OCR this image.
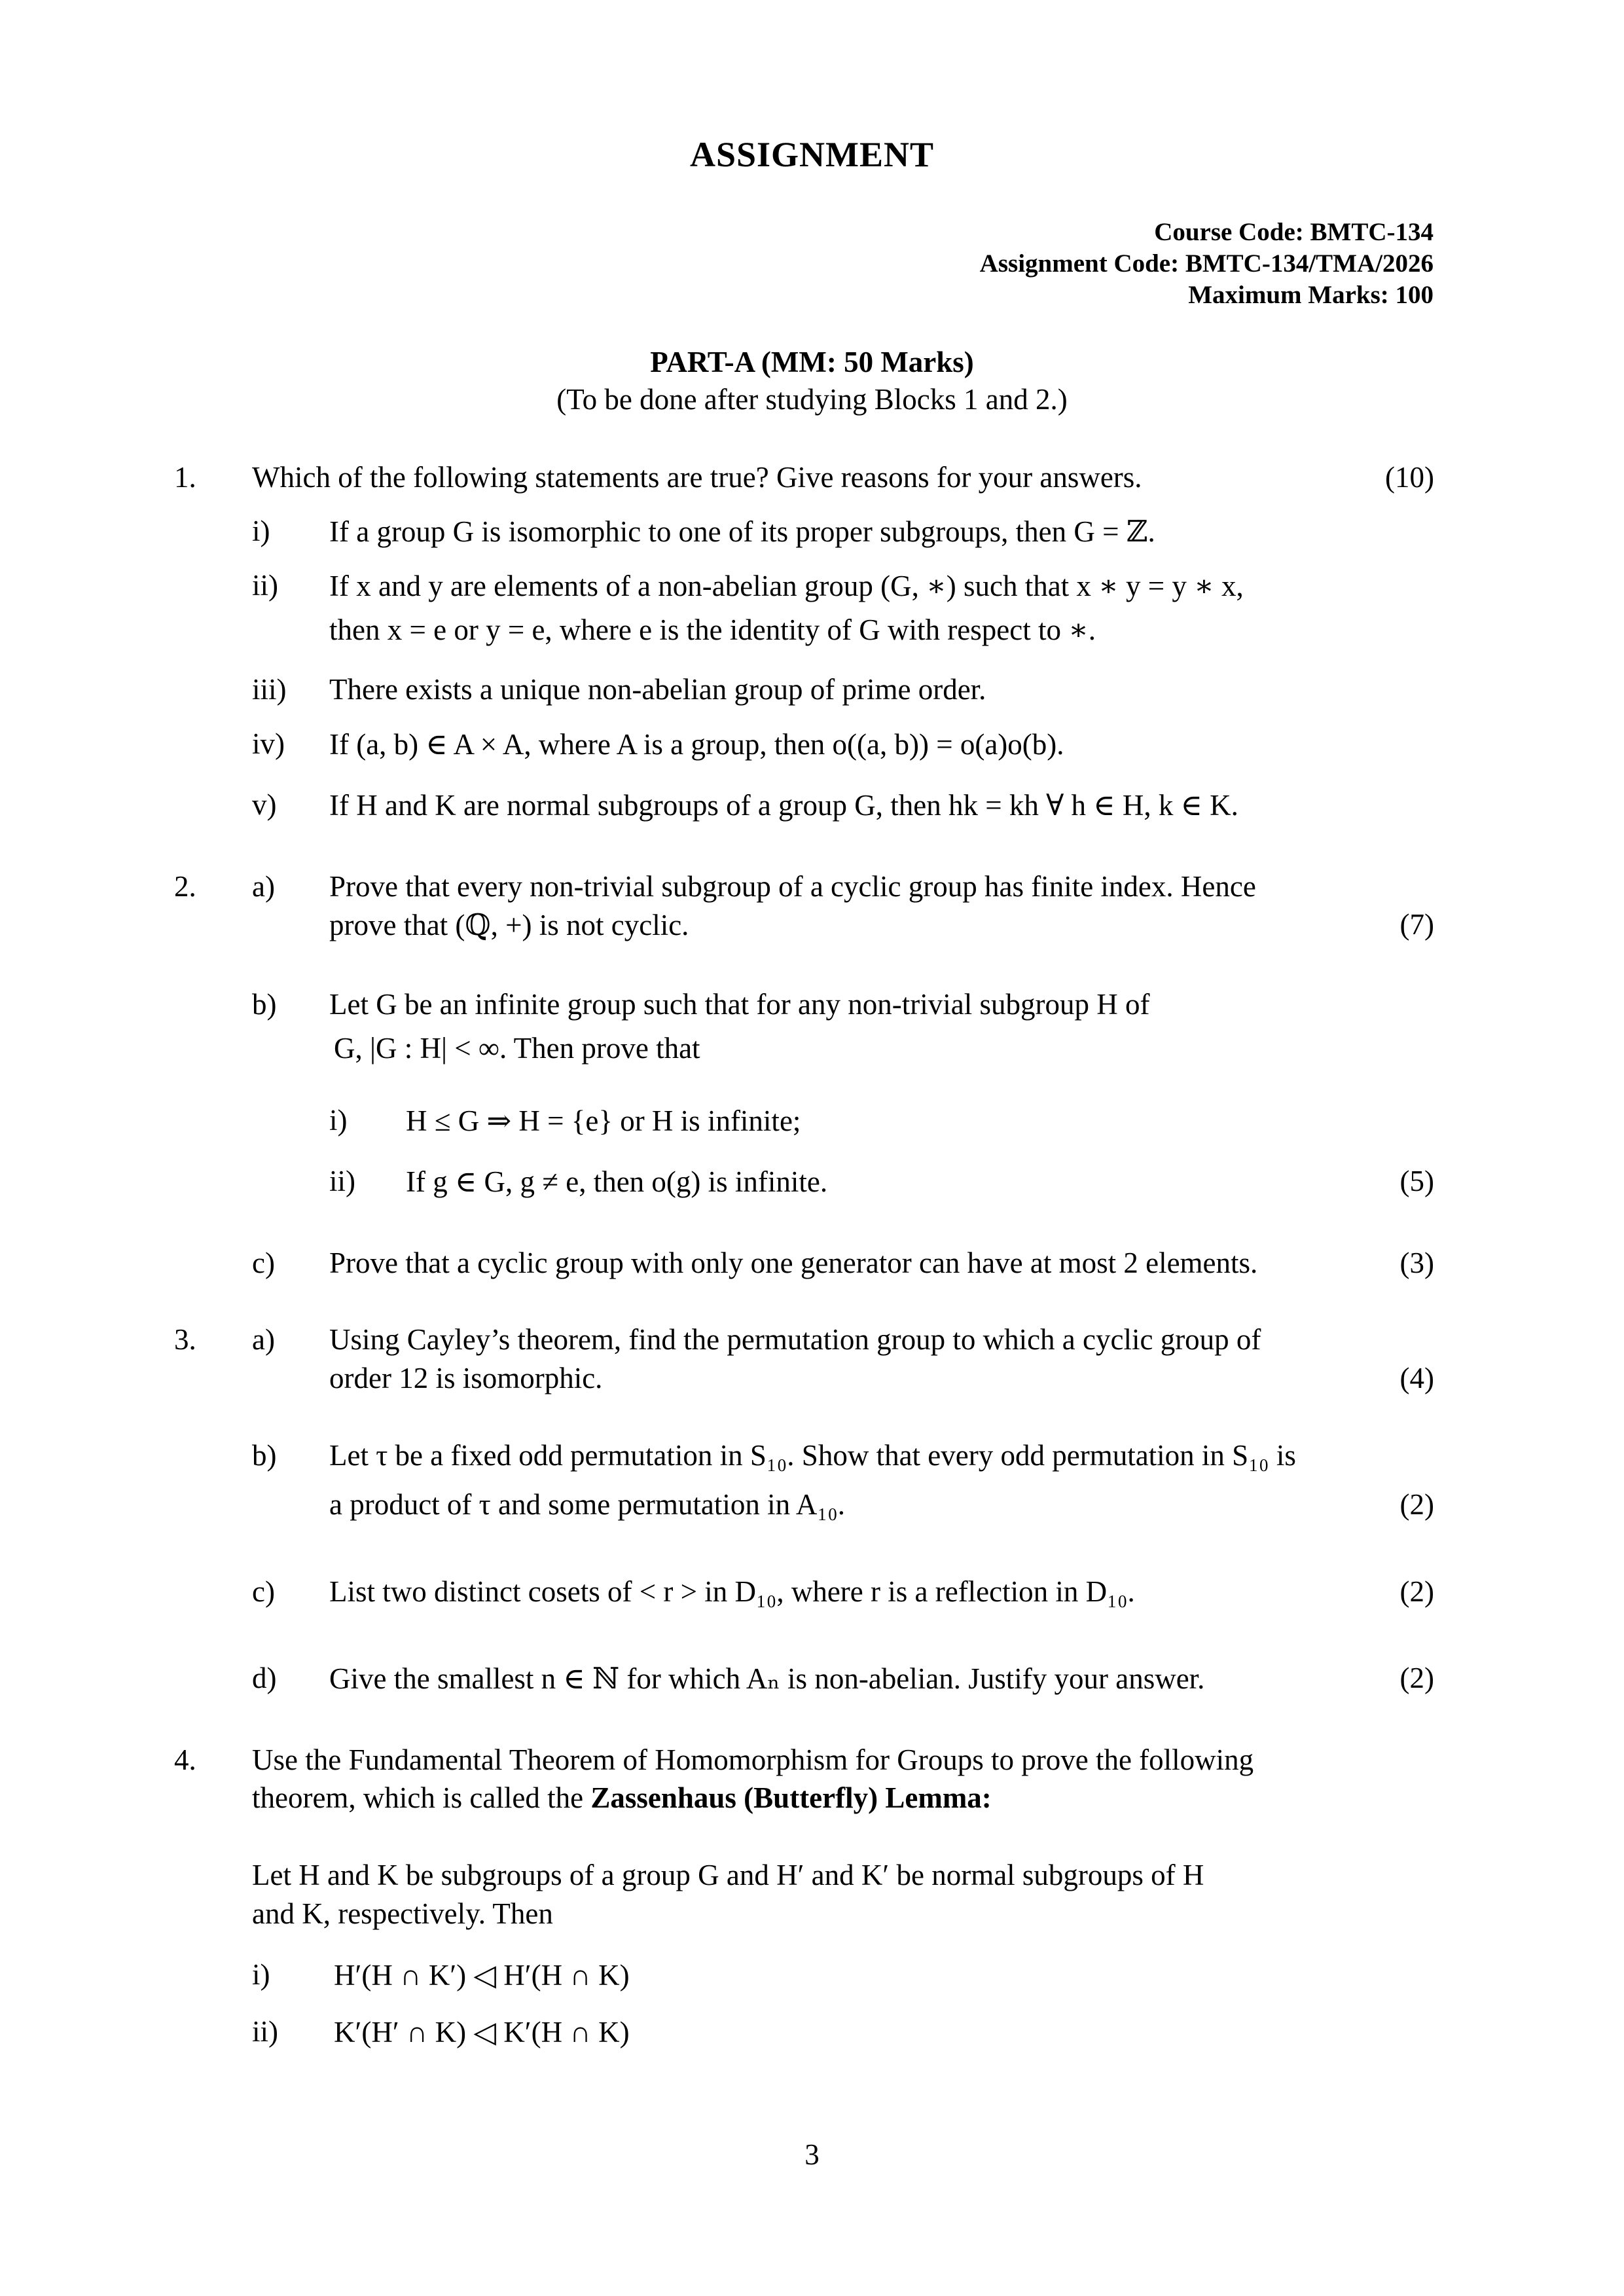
ASSIGNMENT
Course Code: BMTC-134
Assignment Code: BMTC-134/TMA/2026
Maximum Marks: 100
PART-A (MM: 50 Marks)
(To be done after studying Blocks 1 and 2.)
1. Which of the following statements are true? Give reasons for your answers.	(10)
i) If a group G is isomorphic to one of its proper subgroups, then G = ℤ.
ii) If x and y are elements of a non-abelian group (G, ∗) such that x ∗ y = y ∗ x,
then x = e or y = e, where e is the identity of G with respect to ∗.
iii) There exists a unique non-abelian group of prime order.
iv) If (a, b) ∈ A × A, where A is a group, then o((a, b)) = o(a)o(b).
v) If H and K are normal subgroups of a group G, then hk = kh ∀ h ∈ H, k ∈ K.
2. a) Prove that every non-trivial subgroup of a cyclic group has finite index. Hence
prove that (ℚ, +) is not cyclic.	(7)
b) Let G be an infinite group such that for any non-trivial subgroup H of
G, |G : H| < ∞. Then prove that
i) H ≤ G ⇒ H = {e} or H is infinite;
ii) If g ∈ G, g ≠ e, then o(g) is infinite.	(5)
c) Prove that a cyclic group with only one generator can have at most 2 elements.	(3)
3. a) Using Cayley’s theorem, find the permutation group to which a cyclic group of
order 12 is isomorphic.	(4)
b) Let τ be a fixed odd permutation in S₁₀. Show that every odd permutation in S₁₀ is
a product of τ and some permutation in A₁₀.	(2)
c) List two distinct cosets of < r > in D₁₀, where r is a reflection in D₁₀.	(2)
d) Give the smallest n ∈ ℕ for which Aₙ is non-abelian. Justify your answer.	(2)
4. Use the Fundamental Theorem of Homomorphism for Groups to prove the following
theorem, which is called the Zassenhaus (Butterfly) Lemma:
Let H and K be subgroups of a group G and H′ and K′ be normal subgroups of H
and K, respectively. Then
i) H′(H ∩ K′) ◁ H′(H ∩ K)
ii) K′(H′ ∩ K) ◁ K′(H ∩ K)
3
